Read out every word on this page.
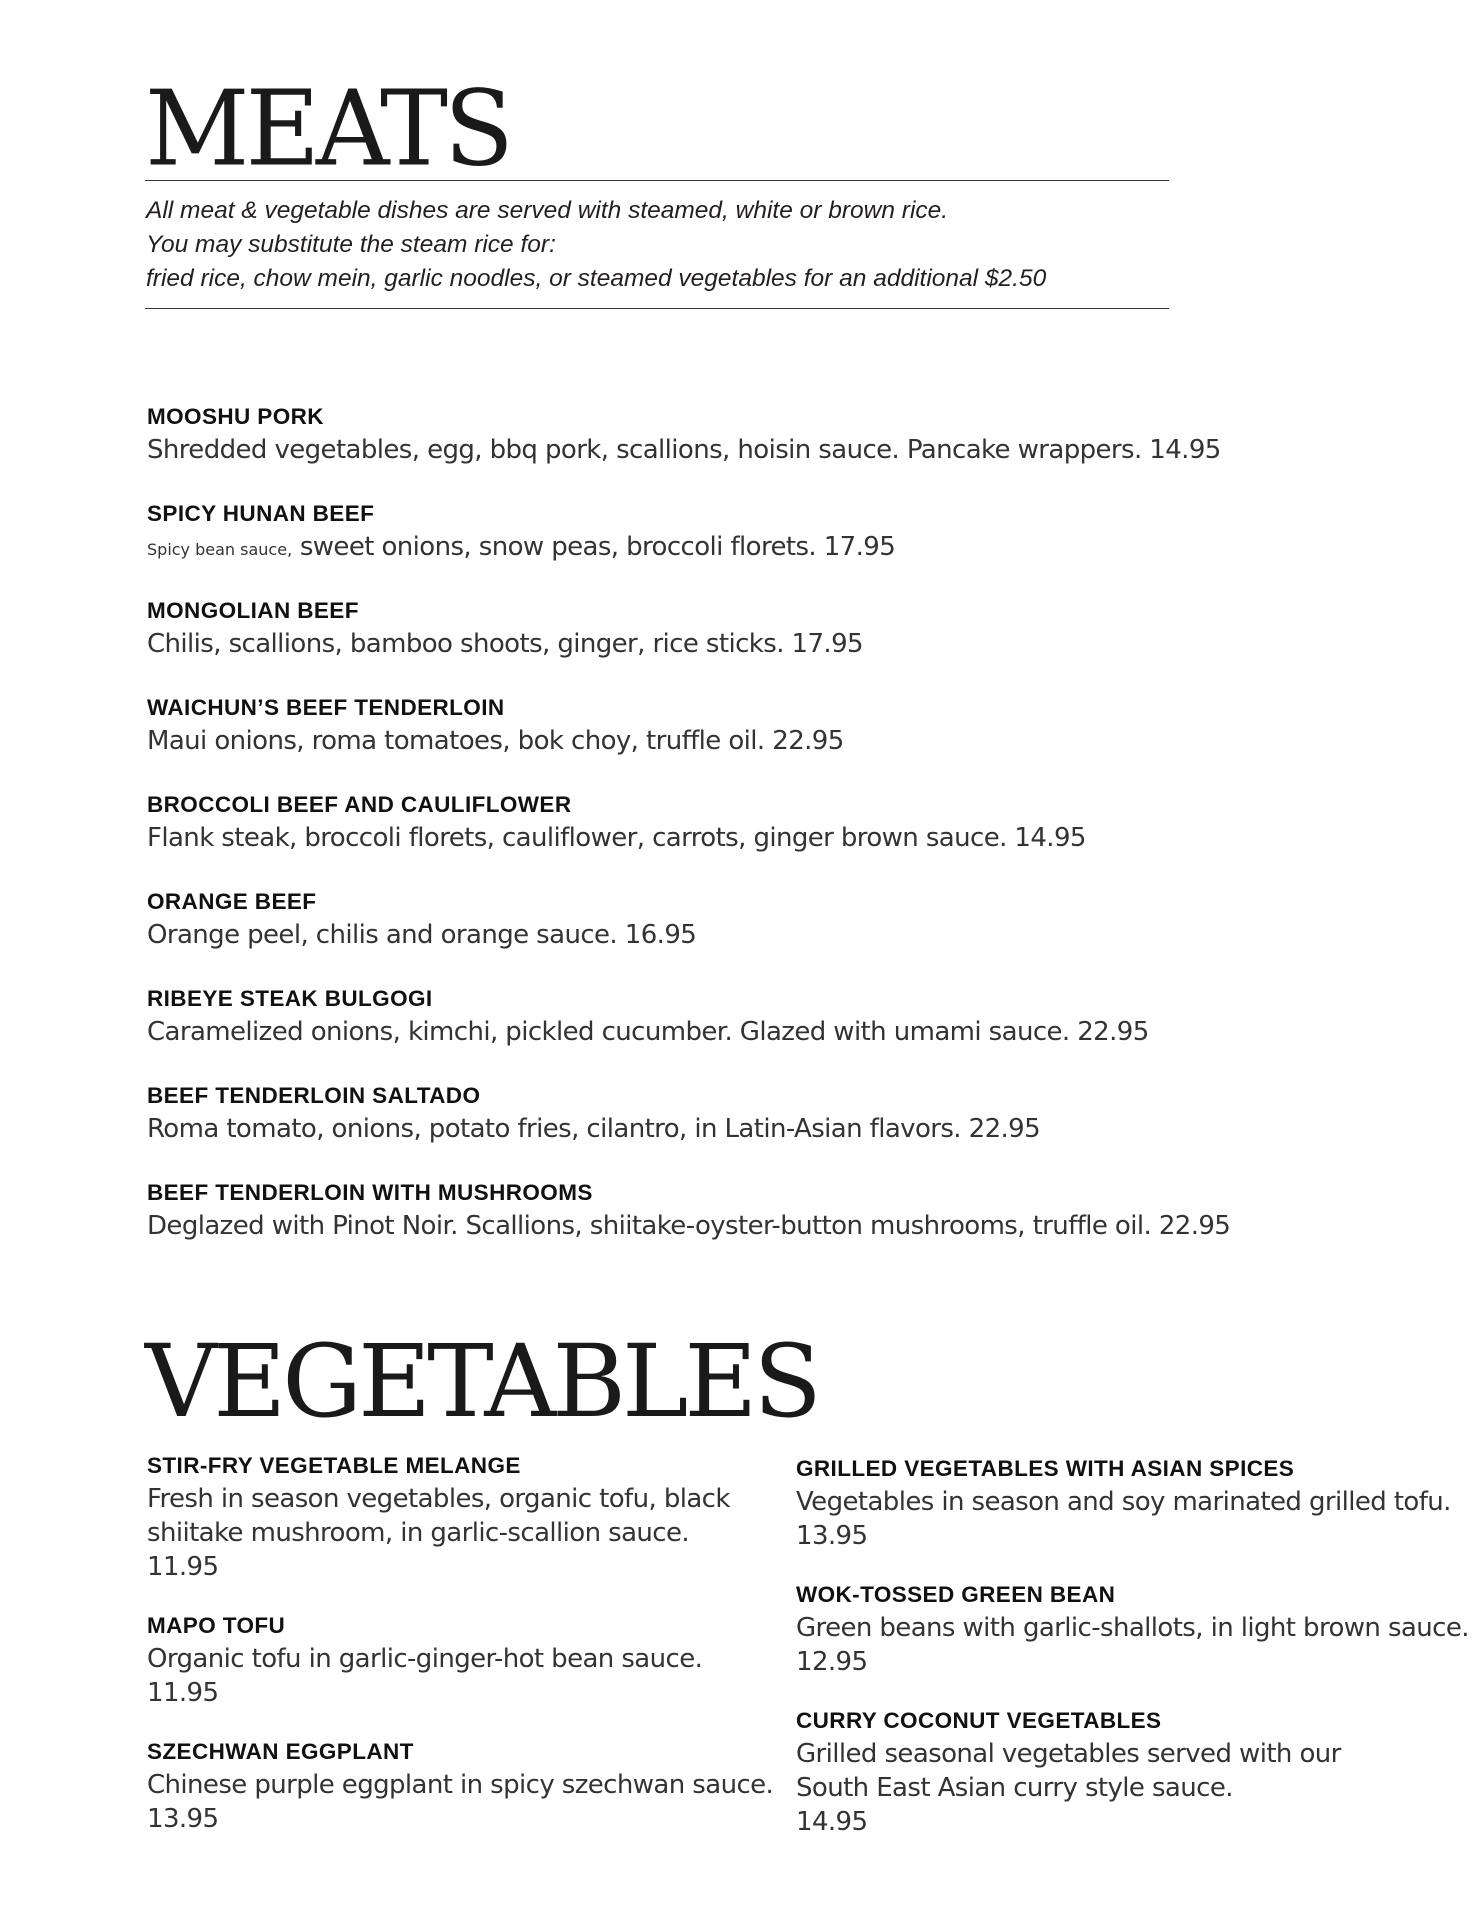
MEATS
All meat & vegetable dishes are served with steamed, white or brown rice.
You may substitute the steam rice for:
fried rice, chow mein, garlic noodles, or steamed vegetables for an additional $2.50
MOOSHU PORK
Shredded vegetables, egg, bbq pork, scallions, hoisin sauce. Pancake wrappers. 14.95
SPICY HUNAN BEEF
Spicy bean sauce, sweet onions, snow peas, broccoli florets. 17.95
MONGOLIAN BEEF
Chilis, scallions, bamboo shoots, ginger, rice sticks. 17.95
WAICHUN’S BEEF TENDERLOIN
Maui onions, roma tomatoes, bok choy, truffle oil. 22.95
BROCCOLI BEEF AND CAULIFLOWER
Flank steak, broccoli florets, cauliflower, carrots, ginger brown sauce. 14.95
ORANGE BEEF
Orange peel, chilis and orange sauce. 16.95
RIBEYE STEAK BULGOGI
Caramelized onions, kimchi, pickled cucumber. Glazed with umami sauce. 22.95
BEEF TENDERLOIN SALTADO
Roma tomato, onions, potato fries, cilantro, in Latin-Asian flavors. 22.95
BEEF TENDERLOIN WITH MUSHROOMS
Deglazed with Pinot Noir. Scallions, shiitake-oyster-button mushrooms, truffle oil. 22.95
VEGETABLES
STIR-FRY VEGETABLE MELANGE
Fresh in season vegetables, organic tofu, black
shiitake mushroom, in garlic-scallion sauce.
11.95
MAPO TOFU
Organic tofu in garlic-ginger-hot bean sauce.
11.95
SZECHWAN EGGPLANT
Chinese purple eggplant in spicy szechwan sauce.
13.95
GRILLED VEGETABLES WITH ASIAN SPICES
Vegetables in season and soy marinated grilled tofu.
13.95
WOK-TOSSED GREEN BEAN
Green beans with garlic-shallots, in light brown sauce.
12.95
CURRY COCONUT VEGETABLES
Grilled seasonal vegetables served with our
South East Asian curry style sauce.
14.95
